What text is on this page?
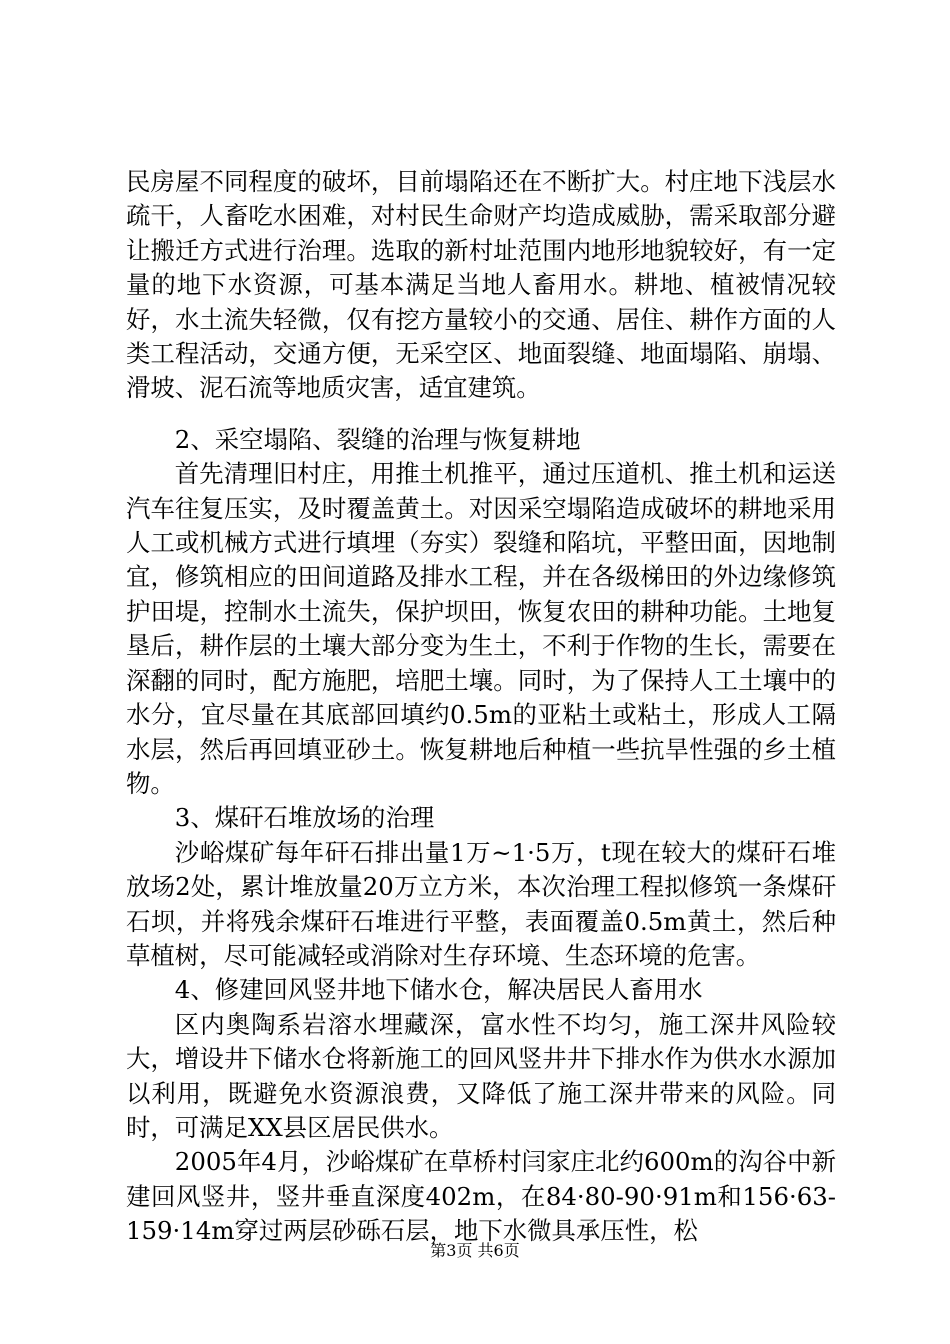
民房屋不同程度的破坏，目前塌陷还在不断扩大。村庄地下浅层水疏干，人畜吃水困难，对村民生命财产均造成威胁，需采取部分避让搬迁方式进行治理。选取的新村址范围内地形地貌较好，有一定量的地下水资源，可基本满足当地人畜用水。耕地、植被情况较好，水土流失轻微，仅有挖方量较小的交通、居住、耕作方面的人类工程活动，交通方便，无采空区、地面裂缝、地面塌陷、崩塌、滑坡、泥石流等地质灾害，适宜建筑。

2、采空塌陷、裂缝的治理与恢复耕地

首先清理旧村庄，用推土机推平，通过压道机、推土机和运送汽车往复压实，及时覆盖黄土。对因采空塌陷造成破坏的耕地采用人工或机械方式进行填埋（夯实）裂缝和陷坑，平整田面，因地制宜，修筑相应的田间道路及排水工程，并在各级梯田的外边缘修筑护田堤，控制水土流失，保护坝田，恢复农田的耕种功能。土地复垦后，耕作层的土壤大部分变为生土，不利于作物的生长，需要在深翻的同时，配方施肥，培肥土壤。同时，为了保持人工土壤中的水分，宜尽量在其底部回填约0.5m的亚粘土或粘土，形成人工隔水层，然后再回填亚砂土。恢复耕地后种植一些抗旱性强的乡土植物。

3、煤矸石堆放场的治理

沙峪煤矿每年矸石排出量1万~1·5万，t现在较大的煤矸石堆放场2处，累计堆放量20万立方米，本次治理工程拟修筑一条煤矸石坝，并将残余煤矸石堆进行平整，表面覆盖0.5m黄土，然后种草植树，尽可能减轻或消除对生存环境、生态环境的危害。

4、修建回风竖井地下储水仓，解决居民人畜用水

区内奥陶系岩溶水埋藏深，富水性不均匀，施工深井风险较大，增设井下储水仓将新施工的回风竖井井下排水作为供水水源加以利用，既避免水资源浪费，又降低了施工深井带来的风险。同时，可满足XX县区居民供水。

2005年4月，沙峪煤矿在草桥村闫家庄北约600m的沟谷中新建回风竖井，竖井垂直深度402m，在84·80-90·91m和156·63-159·14m穿过两层砂砾石层，地下水微具承压性，松

第3页 共6页
